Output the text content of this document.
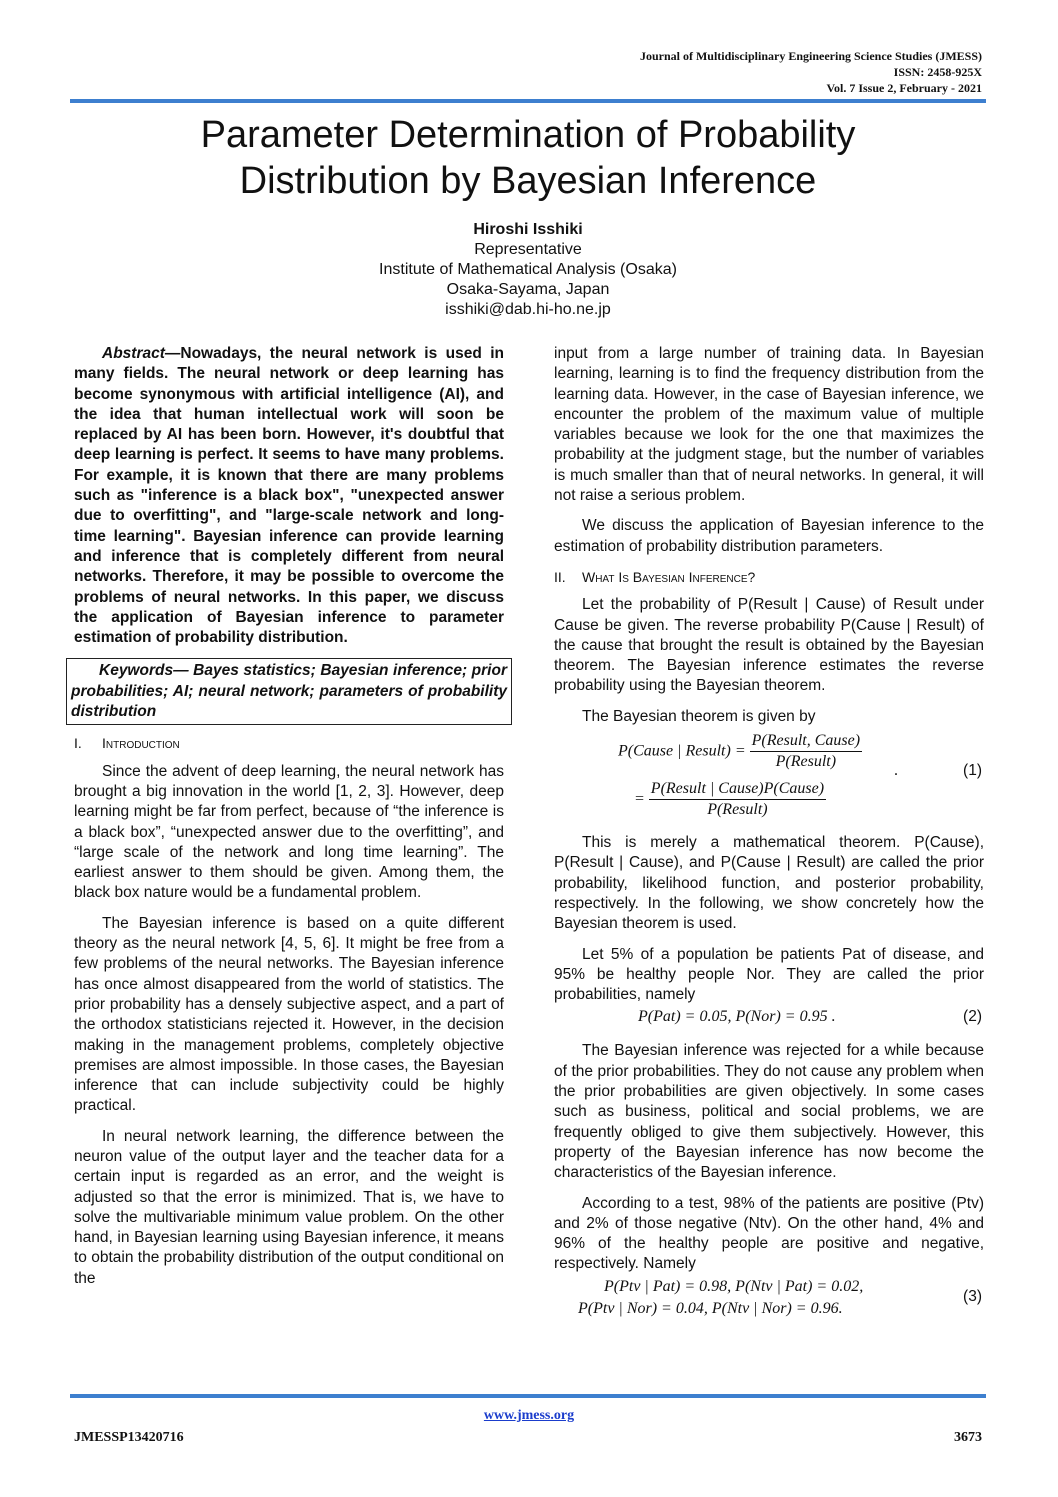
Journal of Multidisciplinary Engineering Science Studies (JMESS)
ISSN: 2458-925X
Vol. 7 Issue 2, February - 2021
Parameter Determination of Probability
Distribution by Bayesian Inference
Hiroshi Isshiki
Representative
Institute of Mathematical Analysis (Osaka)
Osaka-Sayama, Japan
isshiki@dab.hi-ho.ne.jp

Abstract—Nowadays, the neural network is used in many fields. The neural network or deep learning has become synonymous with artificial intelligence (AI), and the idea that human intellectual work will soon be replaced by AI has been born. However, it's doubtful that deep learning is perfect. It seems to have many problems. For example, it is known that there are many problems such as "inference is a black box", "unexpected answer due to overfitting", and "large-scale network and long-time learning". Bayesian inference can provide learning and inference that is completely different from neural networks. Therefore, it may be possible to overcome the problems of neural networks. In this paper, we discuss the application of Bayesian inference to parameter estimation of probability distribution.

Keywords— Bayes statistics; Bayesian inference; prior probabilities; AI; neural network; parameters of probability distribution

I. Introduction

Since the advent of deep learning, the neural network has brought a big innovation in the world [1, 2, 3]. However, deep learning might be far from perfect, because of “the inference is a black box”, “unexpected answer due to the overfitting”, and “large scale of the network and long time learning”. The earliest answer to them should be given. Among them, the black box nature would be a fundamental problem.

The Bayesian inference is based on a quite different theory as the neural network [4, 5, 6]. It might be free from a few problems of the neural networks. The Bayesian inference has once almost disappeared from the world of statistics. The prior probability has a densely subjective aspect, and a part of the orthodox statisticians rejected it. However, in the decision making in the management problems, completely objective premises are almost impossible. In those cases, the Bayesian inference that can include subjectivity could be highly practical.

In neural network learning, the difference between the neuron value of the output layer and the teacher data for a certain input is regarded as an error, and the weight is adjusted so that the error is minimized. That is, we have to solve the multivariable minimum value problem. On the other hand, in Bayesian learning using Bayesian inference, it means to obtain the probability distribution of the output conditional on the

input from a large number of training data. In Bayesian learning, learning is to find the frequency distribution from the learning data. However, in the case of Bayesian inference, we encounter the problem of the maximum value of multiple variables because we look for the one that maximizes the probability at the judgment stage, but the number of variables is much smaller than that of neural networks. In general, it will not raise a serious problem.

We discuss the application of Bayesian inference to the estimation of probability distribution parameters.

II. What Is Bayesian Inference?

Let the probability of P(Result | Cause) of Result under Cause be given. The reverse probability P(Cause | Result) of the cause that brought the result is obtained by the Bayesian theorem. The Bayesian inference estimates the reverse probability using the Bayesian theorem.

The Bayesian theorem is given by

P(Cause | Result) = $\frac{\text{P(Result, Cause)}}{\text{P(Result)}}$
= $\frac{\text{P(Result | Cause)P(Cause)}}{\text{P(Result)}}$
.	(1)

This is merely a mathematical theorem. P(Cause), P(Result | Cause), and P(Cause | Result) are called the prior probability, likelihood function, and posterior probability, respectively. In the following, we show concretely how the Bayesian theorem is used.

Let 5% of a population be patients Pat of disease, and 95% be healthy people Nor. They are called the prior probabilities, namely

P(Pat) = 0.05, P(Nor) = 0.95 .	(2)

The Bayesian inference was rejected for a while because of the prior probabilities. They do not cause any problem when the prior probabilities are given objectively. In some cases such as business, political and social problems, we are frequently obliged to give them subjectively. However, this property of the Bayesian inference has now become the characteristics of the Bayesian inference.

According to a test, 98% of the patients are positive (Ptv) and 2% of those negative (Ntv). On the other hand, 4% and 96% of the healthy people are positive and negative, respectively. Namely

P(Ptv | Pat) = 0.98, P(Ntv | Pat) = 0.02,
P(Ptv | Nor) = 0.04, P(Ntv | Nor) = 0.96.
(3)
www.jmess.org
JMESSP13420716	3673
